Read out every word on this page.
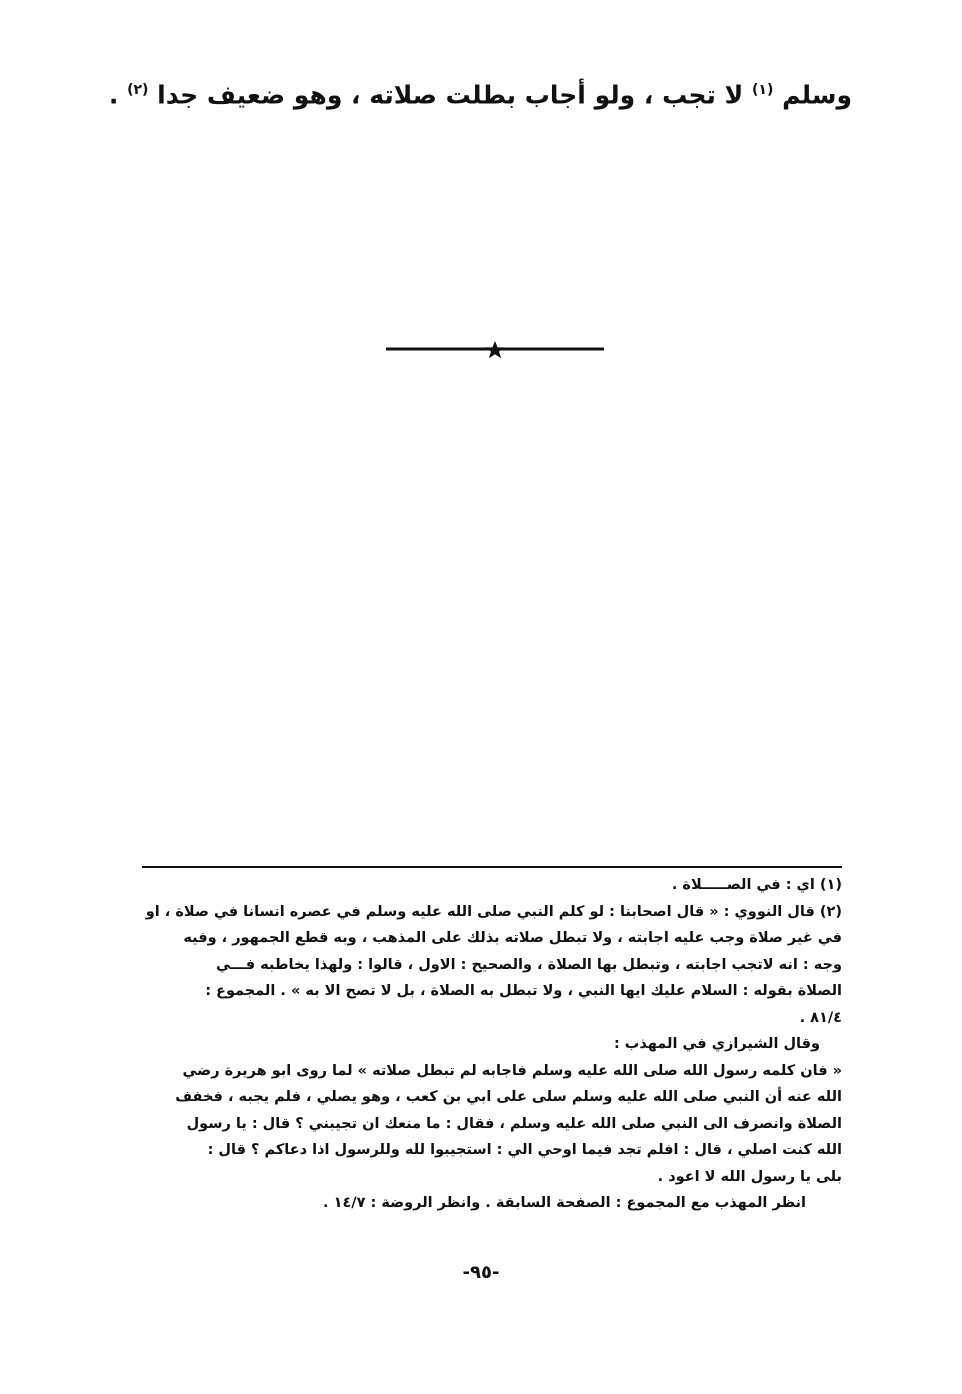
وسلم $^{(١)}$ لا تجب ، ولو أجاب بطلت صلاته ، وهو ضعيف جدا $^{(٢)}$ .
(١) اي : في الصـــــلاة .
(٢) قال النووي : « قال اصحابنا : لو كلم النبي صلى الله عليه وسلم في عصره انسانا في صلاة ، او
في غير صلاة وجب عليه اجابته ، ولا تبطل صلاته بذلك على المذهب ، وبه قطع الجمهور ، وفيه
وجه : انه لاتجب اجابته ، وتبطل بها الصلاة ، والصحيح : الاول ، قالوا : ولهذا يخاطبه فـــي
الصلاة بقوله : السلام عليك ايها النبي ، ولا تبطل به الصلاة ، بل لا تصح الا به » . المجموع :
٨١/٤ .
وقال الشيرازي في المهذب :
« فان كلمه رسول الله صلى الله عليه وسلم فاجابه لم تبطل صلاته » لما روى ابو هريرة رضي
الله عنه أن النبي صلى الله عليه وسلم سلى على ابي بن كعب ، وهو يصلي ، فلم يجبه ، فخفف
الصلاة وانصرف الى النبي صلى الله عليه وسلم ، فقال : ما منعك ان تجيبني ؟ قال : يا رسول
الله كنت اصلي ، قال : افلم تجد فيما اوحي الي : استجيبوا لله وللرسول اذا دعاكم ؟ قال :
بلى يا رسول الله لا اعود .
انظر المهذب مع المجموع : الصفحة السابقة . وانظر الروضة : ١٤/٧ .
-٩٥-
